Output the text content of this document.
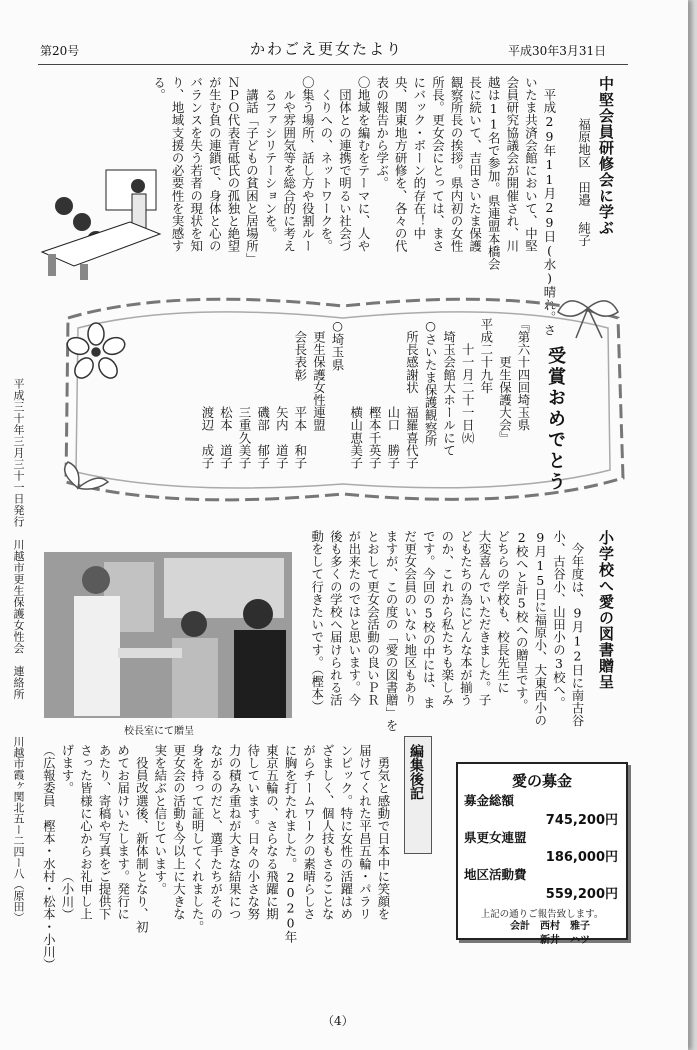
第20号	かわごえ更女たより	平成30年3月31日
中堅会員研修会に学ぶ
福原地区　田邉 純子
　平成29年11月29日(水)晴れ。さ
いたま共済会館において、中堅
会員研究協議会が開催され、川
越は11名で参加。県連盟本橋会
長に続いて、吉田さいたま保護
観察所長の挨拶。県内初の女性
所長。更女会にとっては、まさ
にバック・ボーン的存在！中
央、関東地方研修を、各々の代
表の報告から学ぶ。
〇地域を編むをテーマに、人や
　団体との連携で明るい社会づ
　くりへの、ネットワークを。
〇集う場所、話し方や役割ルー
　ルや雰囲気等を総合的に考え
　るファシリテーションを。
　講話「子どもの貧困と居場所」
ＮＰＯ代表青砥氏の孤独と絶望
が生む負の連鎖で、身体と心の
バランスを失う若者の現状を知
り、地域支援の必要性を実感す
る。
受賞おめでとう
『第六十四回埼玉県
　　　更生保護大会』
平成二十九年
　　十一月二十一日㈫
　埼玉会館大ホールにて
○さいたま保護観察所
　所長感謝状　福羅喜代子
　　　　　　　山口　勝子
　　　　　　　樫本千英子
　　　　　　　横山恵美子
○埼玉県
　更生保護女性連盟
　会長表彰　　平本　和子
　　　　　　　矢内　道子
　　　　　　　磯部　郁子
　　　　　　　三重久美子
　　　　　　　松本　道子
　　　　　　　渡辺　成子
小学校へ愛の図書贈呈
　今年度は、9月12日に南古谷
小、古谷小、山田小の3校へ。
9月15日に福原小、大東西小の
2校へと計5校への贈呈です。
どちらの学校も、校長先生に
大変喜んでいただきました。子
どもたちの為にどんな本が揃う
のか、これから私たちも楽しみ
です。今回の5校の中には、ま
だ更女会員のいない地区もあり
ますが、この度の「愛の図書贈」を
とおして更女会活動の良いＰＲ
が出来たのではと思います。今
後も多くの学校へ届けられる活
動をして行きたいです。（樫本）
校長室にて贈呈
平成三十年三月三十一日発行　川越市更生保護女性会　連絡所
川越市霞ヶ関北五ー二四ー八（原田）	編集後記
　勇気と感動で日本中に笑顔を
届けてくれた平昌五輪・パラリ
ンピック。特に女性の活躍はめ
ざましく、個人技もさることな
がらチームワークの素晴らしさ
に胸を打たれました。2020年
東京五輪の、さらなる飛躍に期
待しています。日々の小さな努
力の積み重ねが大きな結果につ
ながるのだと、選手たちがその
身を持って証明してくれました。
更女会の活動も今以上に大きな
実を結ぶと信じています。
　役員改選後、新体制となり、初
めてお届けいたします。発行に
あたり、寄稿や写真をご提供下
さった皆様に心からお礼申し上
げます。　　　　　　　（小川）
（広報委員　樫本・水村・松本・小川）	愛の募金
募金総額
745,200円
県更女連盟
186,000円
地区活動費
559,200円
上記の通りご報告致します。
会計　西村　雅子
新井　ハツ
（4）
